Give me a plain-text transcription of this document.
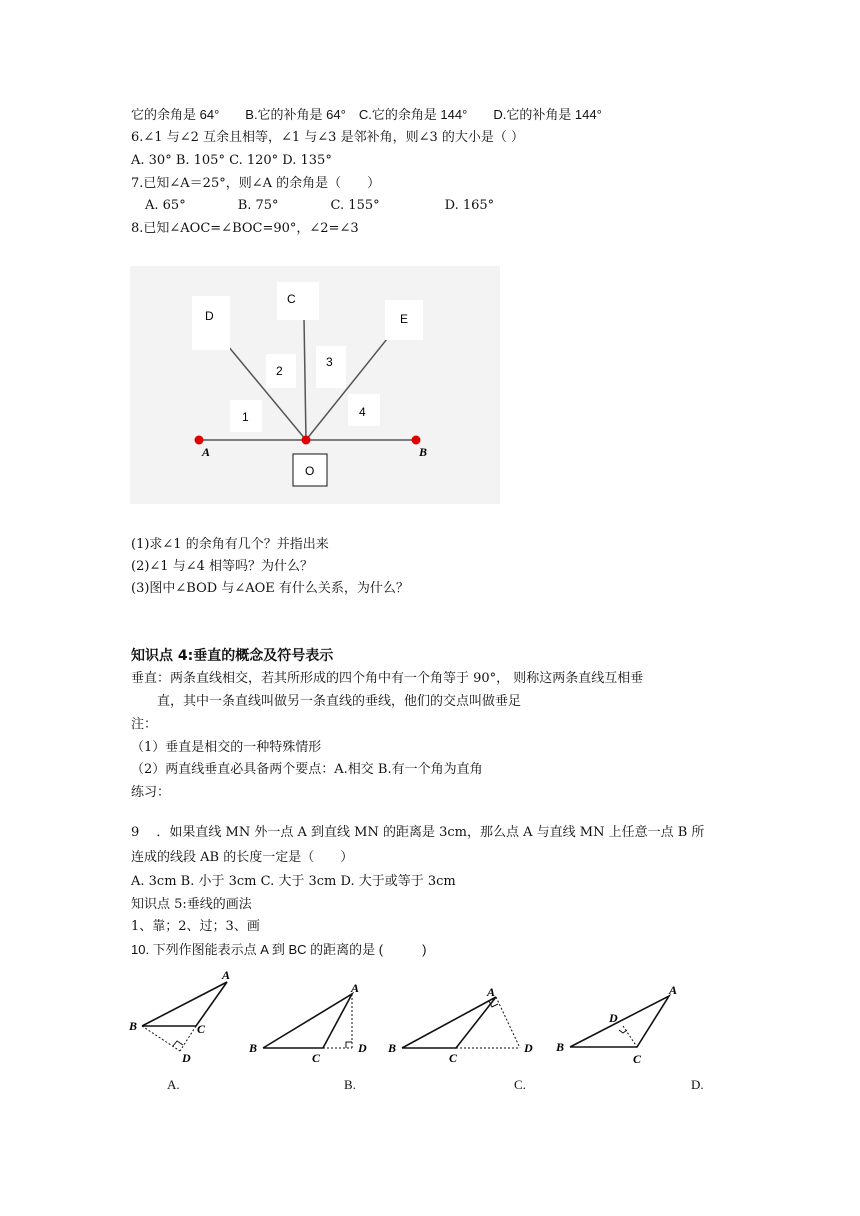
它的余角是 64°　　B.它的补角是 64°　C.它的余角是 144°　　D.它的补角是 144°
6.∠1 与∠2 互余且相等，∠1 与∠3 是邻补角，则∠3 的大小是（ ）
A. 30° B. 105° C. 120° D. 135°
7.已知∠A＝25°，则∠A 的余角是（　　）
A. 65°　　　　B. 75°　　　　C. 155°　　　　　D. 165°
8.已知∠AOC=∠BOC=90°，∠2=∠3
D
C
E
2
3
1	4
O
A	B
(1)求∠1 的余角有几个？并指出来
(2)∠1 与∠4 相等吗？为什么？
(3)图中∠BOD 与∠AOE 有什么关系，为什么？
知识点 4:垂直的概念及符号表示
垂直：两条直线相交，若其所形成的四个角中有一个角等于 90°， 则称这两条直线互相垂
直，其中一条直线叫做另一条直线的垂线，他们的交点叫做垂足
注：
（1）垂直是相交的一种特殊情形
（2）两直线垂直必具备两个要点：A.相交 B.有一个角为直角
练习：
9　 ．如果直线 MN 外一点 A 到直线 MN 的距离是 3cm，那么点 A 与直线 MN 上任意一点 B 所
连成的线段 AB 的长度一定是（　　）
A. 3cm B. 小于 3cm C. 大于 3cm D. 大于或等于 3cm
知识点 5:垂线的画法
1、靠；2、过；3、画
10. 下列作图能表示点 A 到 BC 的距离的是 (　　　)
A
B	C
D
A.
A
B
C
D
B.
A
B
C
D
C.
A
B
C
D
D.
